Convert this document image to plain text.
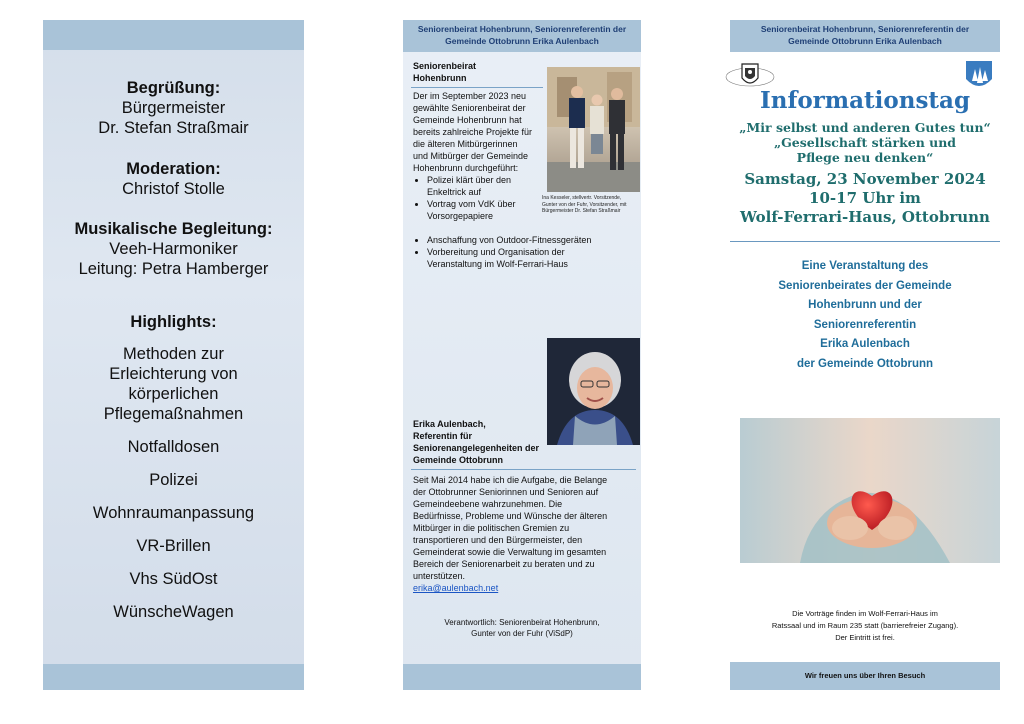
Begrüßung:
Bürgermeister
Dr. Stefan Straßmair
Moderation:
Christof Stolle
Musikalische Begleitung:
Veeh-Harmoniker
Leitung: Petra Hamberger
Highlights:
Methoden zur
Erleichterung von
körperlichen
Pflegemaßnahmen
Notfalldosen
Polizei
Wohnraumanpassung
VR-Brillen
Vhs SüdOst
WünscheWagen
Seniorenbeirat Hohenbrunn, Seniorenreferentin der
Gemeinde Ottobrunn Erika Aulenbach
Seniorenbeirat
Hohenbrunn
Ina Kesseler, stellvertr. Vorsitzende,
Gunter von der Fuhr, Vorsitzender, mit
Bürgermeister Dr. Stefan Straßmair
Der im September 2023 neu
gewählte Seniorenbeirat der
Gemeinde Hohenbrunn hat
bereits zahlreiche Projekte für
die älteren Mitbürgerinnen
und Mitbürger der Gemeinde
Hohenbrunn durchgeführt:
• Polizei klärt über den Enkeltrick auf
• Vortrag vom VdK über Vorsorgepapiere
• Anschaffung von Outdoor-Fitnessgeräten
• Vorbereitung und Organisation der Veranstaltung im Wolf-Ferrari-Haus
Erika Aulenbach,
Referentin für
Seniorenangelegenheiten der
Gemeinde Ottobrunn
Seit Mai 2014 habe ich die Aufgabe, die Belange
der Ottobrunner Seniorinnen und Senioren auf
Gemeindeebene wahrzunehmen. Die
Bedürfnisse, Probleme und Wünsche der älteren
Mitbürger in die politischen Gremien zu
transportieren und den Bürgermeister, den
Gemeinderat sowie die Verwaltung im gesamten
Bereich der Seniorenarbeit zu beraten und zu
unterstützen.
erika@aulenbach.net
Verantwortlich: Seniorenbeirat Hohenbrunn,
Gunter von der Fuhr (ViSdP)
Seniorenbeirat Hohenbrunn, Seniorenreferentin der
Gemeinde Ottobrunn Erika Aulenbach
Informationstag
„Mir selbst und anderen Gutes tun“
„Gesellschaft stärken und
Pflege neu denken“
Samstag, 23 November 2024
10-17 Uhr im
Wolf-Ferrari-Haus, Ottobrunn
Eine Veranstaltung des
Seniorenbeirates der Gemeinde
Hohenbrunn und der
Seniorenreferentin
Erika Aulenbach
der Gemeinde Ottobrunn
Die Vorträge finden im Wolf-Ferrari-Haus im
Ratssaal und im Raum 235 statt (barrierefreier Zugang).
Der Eintritt ist frei.
Wir freuen uns über Ihren Besuch
